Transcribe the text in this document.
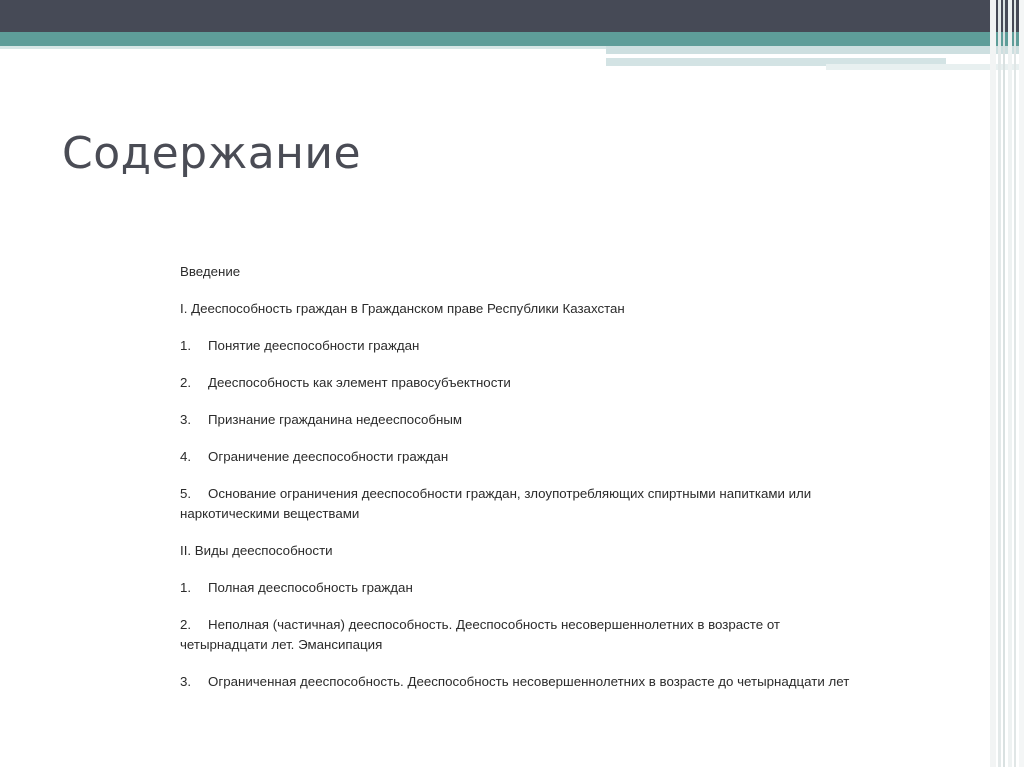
Содержание
Введение
I. Дееспособность граждан в Гражданском праве Республики Казахстан
1. Понятие дееспособности граждан
2. Дееспособность как элемент правосубъектности
3. Признание гражданина недееспособным
4. Ограничение дееспособности граждан
5. Основание ограничения дееспособности граждан, злоупотребляющих спиртными напитками или наркотическими веществами
II. Виды дееспособности
1. Полная дееспособность граждан
2. Неполная (частичная) дееспособность. Дееспособность несовершеннолетних в возрасте от четырнадцати лет. Эмансипация
3. Ограниченная дееспособность. Дееспособность несовершеннолетних в возрасте до четырнадцати лет
